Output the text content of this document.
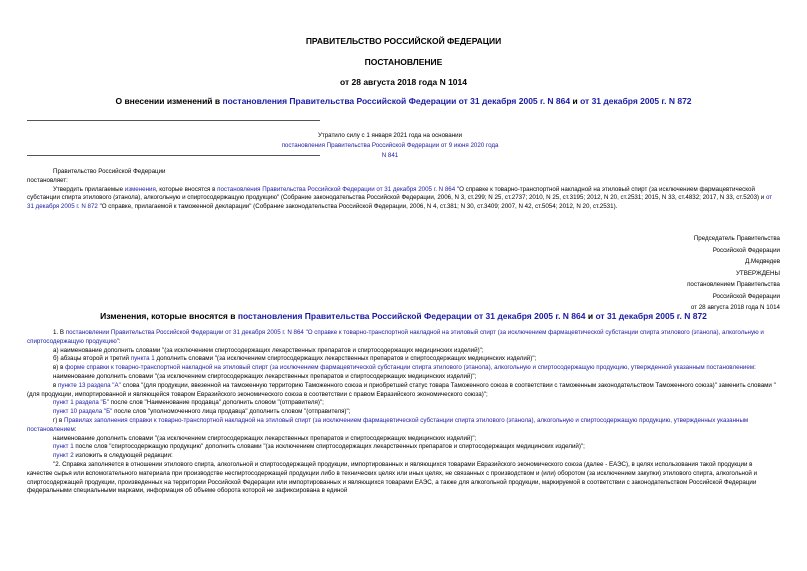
ПРАВИТЕЛЬСТВО РОССИЙСКОЙ ФЕДЕРАЦИИ
ПОСТАНОВЛЕНИЕ
от 28 августа 2018 года N 1014
О внесении изменений в постановления Правительства Российской Федерации от 31 декабря 2005 г. N 864 и от 31 декабря 2005 г. N 872
Утратило силу с 1 января 2021 года на основании
постановления Правительства Российской Федерации от 9 июня 2020 года N 841
Правительство Российской Федерации
постановляет:
Утвердить прилагаемые изменения, которые вносятся в постановления Правительства Российской Федерации от 31 декабря 2005 г. N 864 "О справке к товарно-транспортной накладной на этиловый спирт (за исключением фармацевтической субстанции спирта этилового (этанола), алкогольную и спиртосодержащую продукцию" (Собрание законодательства Российской Федерации, 2006, N 3, ст.299; N 25, ст.2737; 2010, N 25, ст.3195; 2012, N 20, ст.2531; 2015, N 33, ст.4832; 2017, N 33, ст.5203) и от 31 декабря 2005 г. N 872 "О справке, прилагаемой к таможенной декларации" (Собрание законодательства Российской Федерации, 2006, N 4, ст.381; N 30, ст.3409; 2007, N 42, ст.5054; 2012, N 20, ст.2531).
Председатель Правительства
Российской Федерации
Д.Медведев
УТВЕРЖДЕНЫ
постановлением Правительства
Российской Федерации
от 28 августа 2018 года N 1014
Изменения, которые вносятся в постановления Правительства Российской Федерации от 31 декабря 2005 г. N 864 и от 31 декабря 2005 г. N 872
1. В постановлении Правительства Российской Федерации от 31 декабря 2005 г. N 864 "О справке к товарно-транспортной накладной на этиловый спирт (за исключением фармацевтической субстанции спирта этилового (этанола), алкогольную и спиртосодержащую продукцию":
а) наименование дополнить словами "(за исключением спиртосодержащих лекарственных препаратов и спиртосодержащих медицинских изделий)";
б) абзацы второй и третий пункта 1 дополнить словами "(за исключением спиртосодержащих лекарственных препаратов и спиртосодержащих медицинских изделий)";
в) в форме справки к товарно-транспортной накладной на этиловый спирт (за исключением фармацевтической субстанции спирта этилового (этанола), алкогольную и спиртосодержащую продукцию, утвержденной указанным постановлением:
наименование дополнить словами "(за исключением спиртосодержащих лекарственных препаратов и спиртосодержащих медицинских изделий)";
в пункте 13 раздела "А" слова "(для продукции, ввезенной на таможенную территорию Таможенного союза и приобретшей статус товара Таможенного союза в соответствии с таможенным законодательством Таможенного союза)" заменить словами "(для продукции, импортированной и являющейся товаром Евразийского экономического союза в соответствии с правом Евразийского экономического союза)";
пункт 1 раздела "Б" после слов "Наименование продавца" дополнить словом "(отправителя)";
пункт 10 раздела "Б" после слов "уполномоченного лица продавца" дополнить словом "(отправителя)";
г) в Правилах заполнения справки к товарно-транспортной накладной на этиловый спирт (за исключением фармацевтической субстанции спирта этилового (этанола), алкогольную и спиртосодержащую продукцию, утвержденных указанным постановлением:
наименование дополнить словами "(за исключением спиртосодержащих лекарственных препаратов и спиртосодержащих медицинских изделий)";
пункт 1 после слов "спиртосодержащую продукцию" дополнить словами "(за исключением спиртосодержащих лекарственных препаратов и спиртосодержащих медицинских изделий)";
пункт 2 изложить в следующей редакции:
"2. Справка заполняется в отношении этилового спирта, алкогольной и спиртосодержащей продукции, импортированных и являющихся товарами Евразийского экономического союза (далее - ЕАЭС), в целях использования такой продукции в качестве сырья или вспомогательного материала при производстве неспиртосодержащей продукции либо в технических целях или иных целях, не связанных с производством и (или) оборотом (за исключением закупки) этилового спирта, алкогольной и спиртосодержащей продукции, произведенных на территории Российской Федерации или импортированных и являющихся товарами ЕАЭС, а также для алкогольной продукции, маркируемой в соответствии с законодательством Российской Федерации федеральными специальными марками, информация об объеме оборота которой не зафиксирована в единой
